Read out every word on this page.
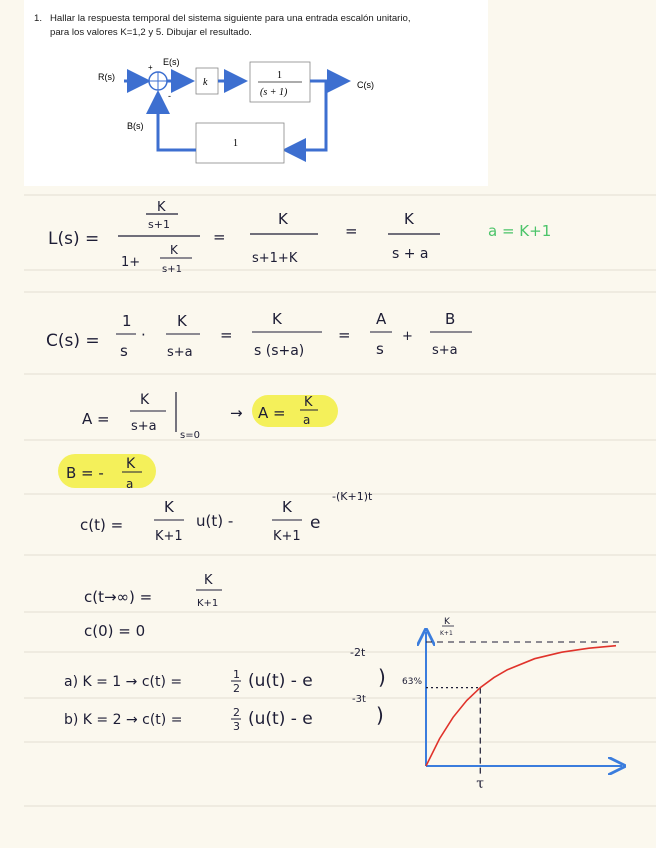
1. Hallar la respuesta temporal del sistema siguiente para una entrada escalón unitario,
para los valores K=1,2 y 5. Dibujar el resultado.
R(s)
+
-
E(s)
k
1
(s + 1)
C(s)
1
B(s)
L(s) =
K
s+1
1+
K
s+1
=
K
s+1+K
=
K
s + a
a = K+1
C(s) =
1
s
·
K
s+a
=
K
s (s+a)
=
A
s
+
B
s+a
A =
K
s+a
s=0
→ A =
K
a
B = - K
a
c(t) =
K
K+1
u(t) -
K
K+1
e
-(K+1)t
c(t→∞) =
K
K+1
c(0) = 0
a) K = 1 → c(t) =	1
2 (u(t) - e
-2t
)
b) K = 2 → c(t) =	2
3 (u(t) - e
-3t
)
K
K+1
63%
τ
